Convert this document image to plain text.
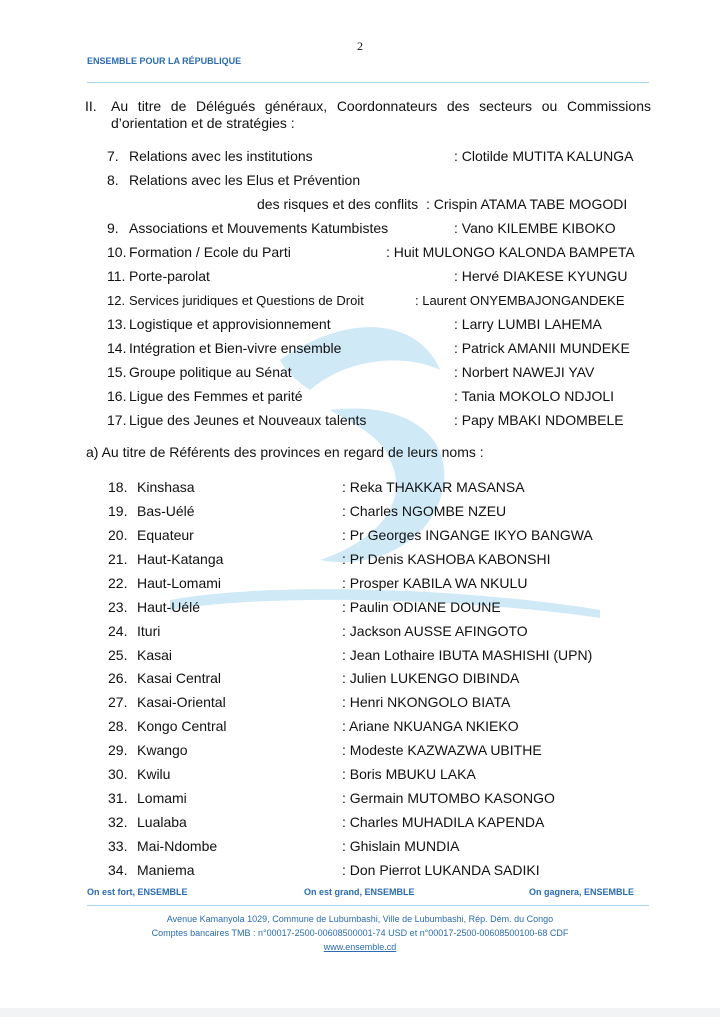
2
ENSEMBLE POUR LA RÉPUBLIQUE
II. Au titre de Délégués généraux, Coordonnateurs des secteurs ou Commissions d’orientation et de stratégies :
7. Relations avec les institutions	: Clotilde MUTITA KALUNGA
8. Relations avec les Elus et Prévention
des risques et des conflits : Crispin ATAMA TABE MOGODI
9. Associations et Mouvements Katumbistes	: Vano KILEMBE KIBOKO
10. Formation / Ecole du Parti	: Huit MULONGO KALONDA BAMPETA
11. Porte-parolat	: Hervé DIAKESE KYUNGU
12. Services juridiques et Questions de Droit	: Laurent ONYEMBAJONGANDEKE
13. Logistique et approvisionnement	: Larry LUMBI LAHEMA
14. Intégration et Bien-vivre ensemble	: Patrick AMANII MUNDEKE
15. Groupe politique au Sénat	: Norbert NAWEJI YAV
16. Ligue des Femmes et parité	: Tania MOKOLO NDJOLI
17. Ligue des Jeunes et Nouveaux talents	: Papy MBAKI NDOMBELE
a) Au titre de Référents des provinces en regard de leurs noms :
18. Kinshasa	: Reka THAKKAR MASANSA
19. Bas-Uélé	: Charles NGOMBE NZEU
20. Equateur	: Pr Georges INGANGE IKYO BANGWA
21. Haut-Katanga	: Pr Denis KASHOBA KABONSHI
22. Haut-Lomami	: Prosper KABILA WA NKULU
23. Haut-Uélé	: Paulin ODIANE DOUNE
24. Ituri	: Jackson AUSSE AFINGOTO
25. Kasai	: Jean Lothaire IBUTA MASHISHI (UPN)
26. Kasai Central	: Julien LUKENGO DIBINDA
27. Kasai-Oriental	: Henri NKONGOLO BIATA
28. Kongo Central	: Ariane NKUANGA NKIEKO
29. Kwango	: Modeste KAZWAZWA UBITHE
30. Kwilu	: Boris MBUKU LAKA
31. Lomami	: Germain MUTOMBO KASONGO
32. Lualaba	: Charles MUHADILA KAPENDA
33. Mai-Ndombe	: Ghislain MUNDIA
34. Maniema	: Don Pierrot LUKANDA SADIKI
On est fort, ENSEMBLE	On est grand, ENSEMBLE	On gagnera, ENSEMBLE
Avenue Kamanyola 1029, Commune de Lubumbashi, Ville de Lubumbashi, Rép. Dém. du Congo
Comptes bancaires TMB : n°00017-2500-00608500001-74 USD et n°00017-2500-00608500100-68 CDF
www.ensemble.cd
